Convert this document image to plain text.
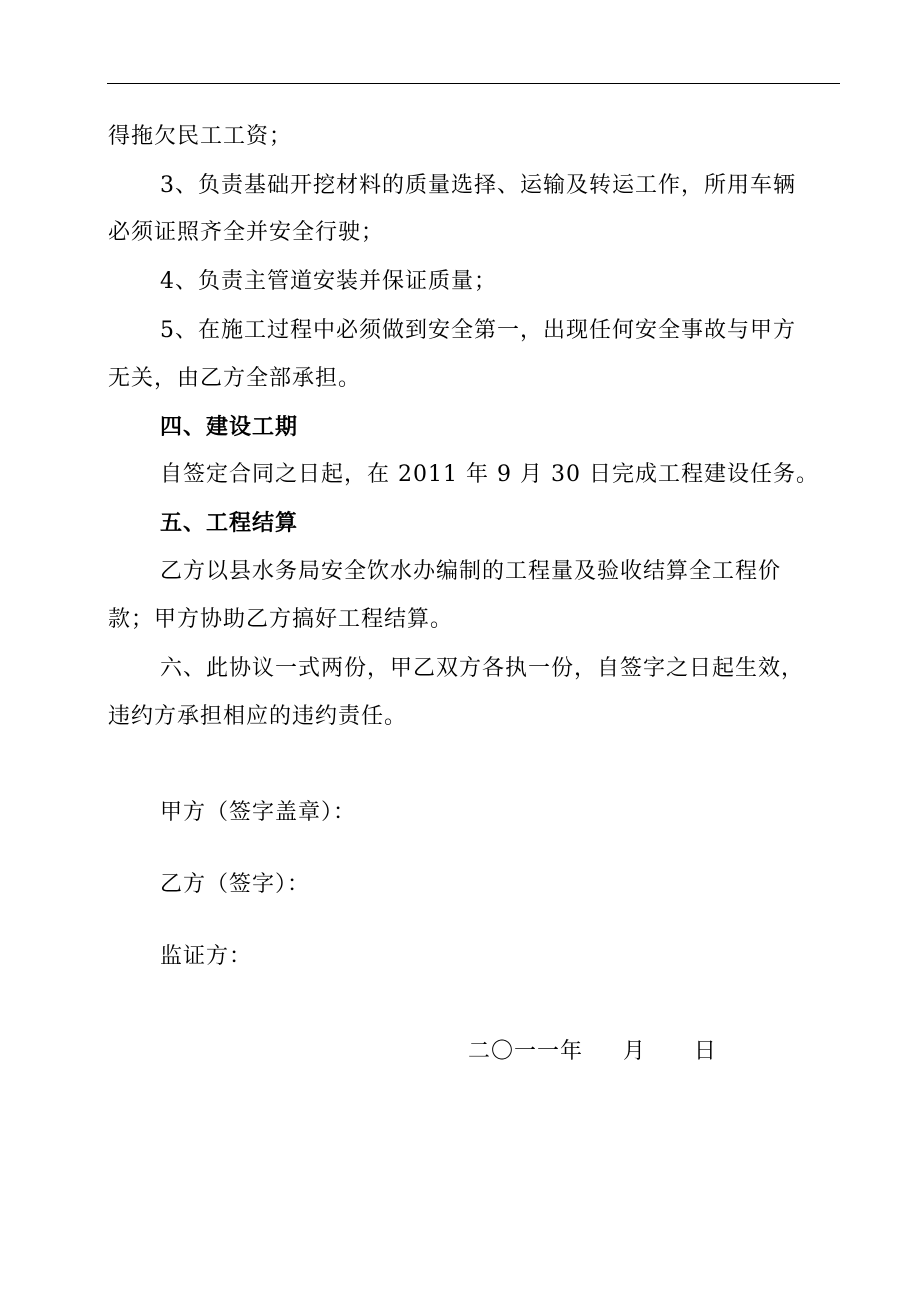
得拖欠民工工资；
3、负责基础开挖材料的质量选择、运输及转运工作，所用车辆
必须证照齐全并安全行驶；
4、负责主管道安装并保证质量；
5、在施工过程中必须做到安全第一，出现任何安全事故与甲方
无关，由乙方全部承担。
四、建设工期
自签定合同之日起，在 2011 年 9 月 30 日完成工程建设任务。
五、工程结算
乙方以县水务局安全饮水办编制的工程量及验收结算全工程价
款；甲方协助乙方搞好工程结算。
六、此协议一式两份，甲乙双方各执一份，自签字之日起生效，
违约方承担相应的违约责任。
甲方（签字盖章）：
乙方（签字）：
监证方：
二〇一一年     月      日
